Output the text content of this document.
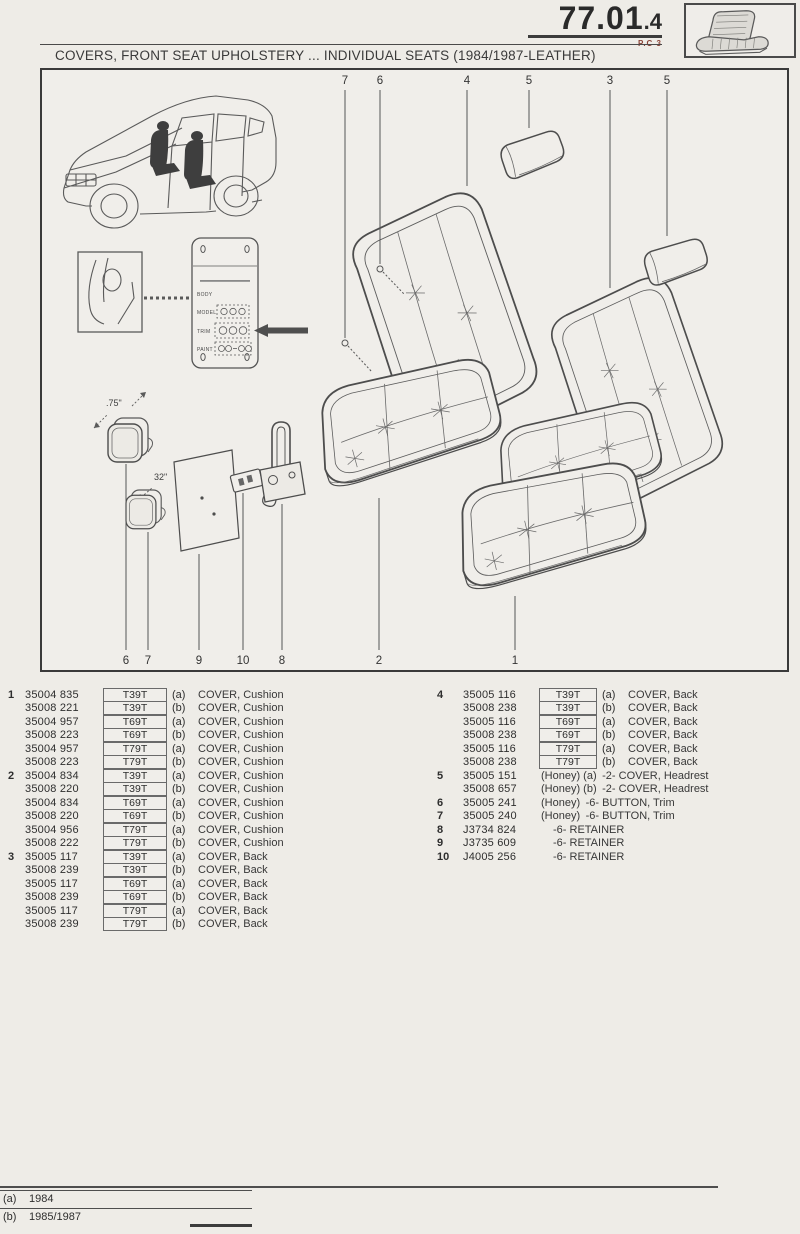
77.01.4
P.C 3
COVERS, FRONT SEAT UPHOLSTERY ... INDIVIDUAL SEATS (1984/1987-LEATHER)
BODY
MODEL
TRIM
PAINT
.75"
32"
7 6	4	5	3	5
6 7	9	10	8	2	1
1 35004 835	T39T	(a)	COVER, Cushion
35008 221	T39T	(b)	COVER, Cushion
35004 957	T69T	(a)	COVER, Cushion
35008 223	T69T	(b)	COVER, Cushion
35004 957	T79T	(a)	COVER, Cushion
35008 223	T79T	(b)	COVER, Cushion
2 35004 834	T39T	(a)	COVER, Cushion
35008 220	T39T	(b)	COVER, Cushion
35004 834	T69T	(a)	COVER, Cushion
35008 220	T69T	(b)	COVER, Cushion
35004 956	T79T	(a)	COVER, Cushion
35008 222	T79T	(b)	COVER, Cushion
3 35005 117	T39T	(a)	COVER, Back
35008 239	T39T	(b)	COVER, Back
35005 117	T69T	(a)	COVER, Back
35008 239	T69T	(b)	COVER, Back
35005 117	T79T	(a)	COVER, Back
35008 239	T79T	(b)	COVER, Back
4	35005 116	T39T	(a)	COVER, Back
35008 238	T39T	(b)	COVER, Back
35005 116	T69T	(a)	COVER, Back
35008 238	T69T	(b)	COVER, Back
35005 116	T79T	(a)	COVER, Back
35008 238	T79T	(b)	COVER, Back
5	35005 151	(Honey) (a) -2- COVER, Headrest
35008 657	(Honey) (b) -2- COVER, Headrest
6	35005 241	(Honey) -6- BUTTON, Trim
7	35005 240	(Honey) -6- BUTTON, Trim
8	J3734 824	-6- RETAINER
9	J3735 609	-6- RETAINER
10	J4005 256	-6- RETAINER
(a) 1984
(b) 1985/1987
